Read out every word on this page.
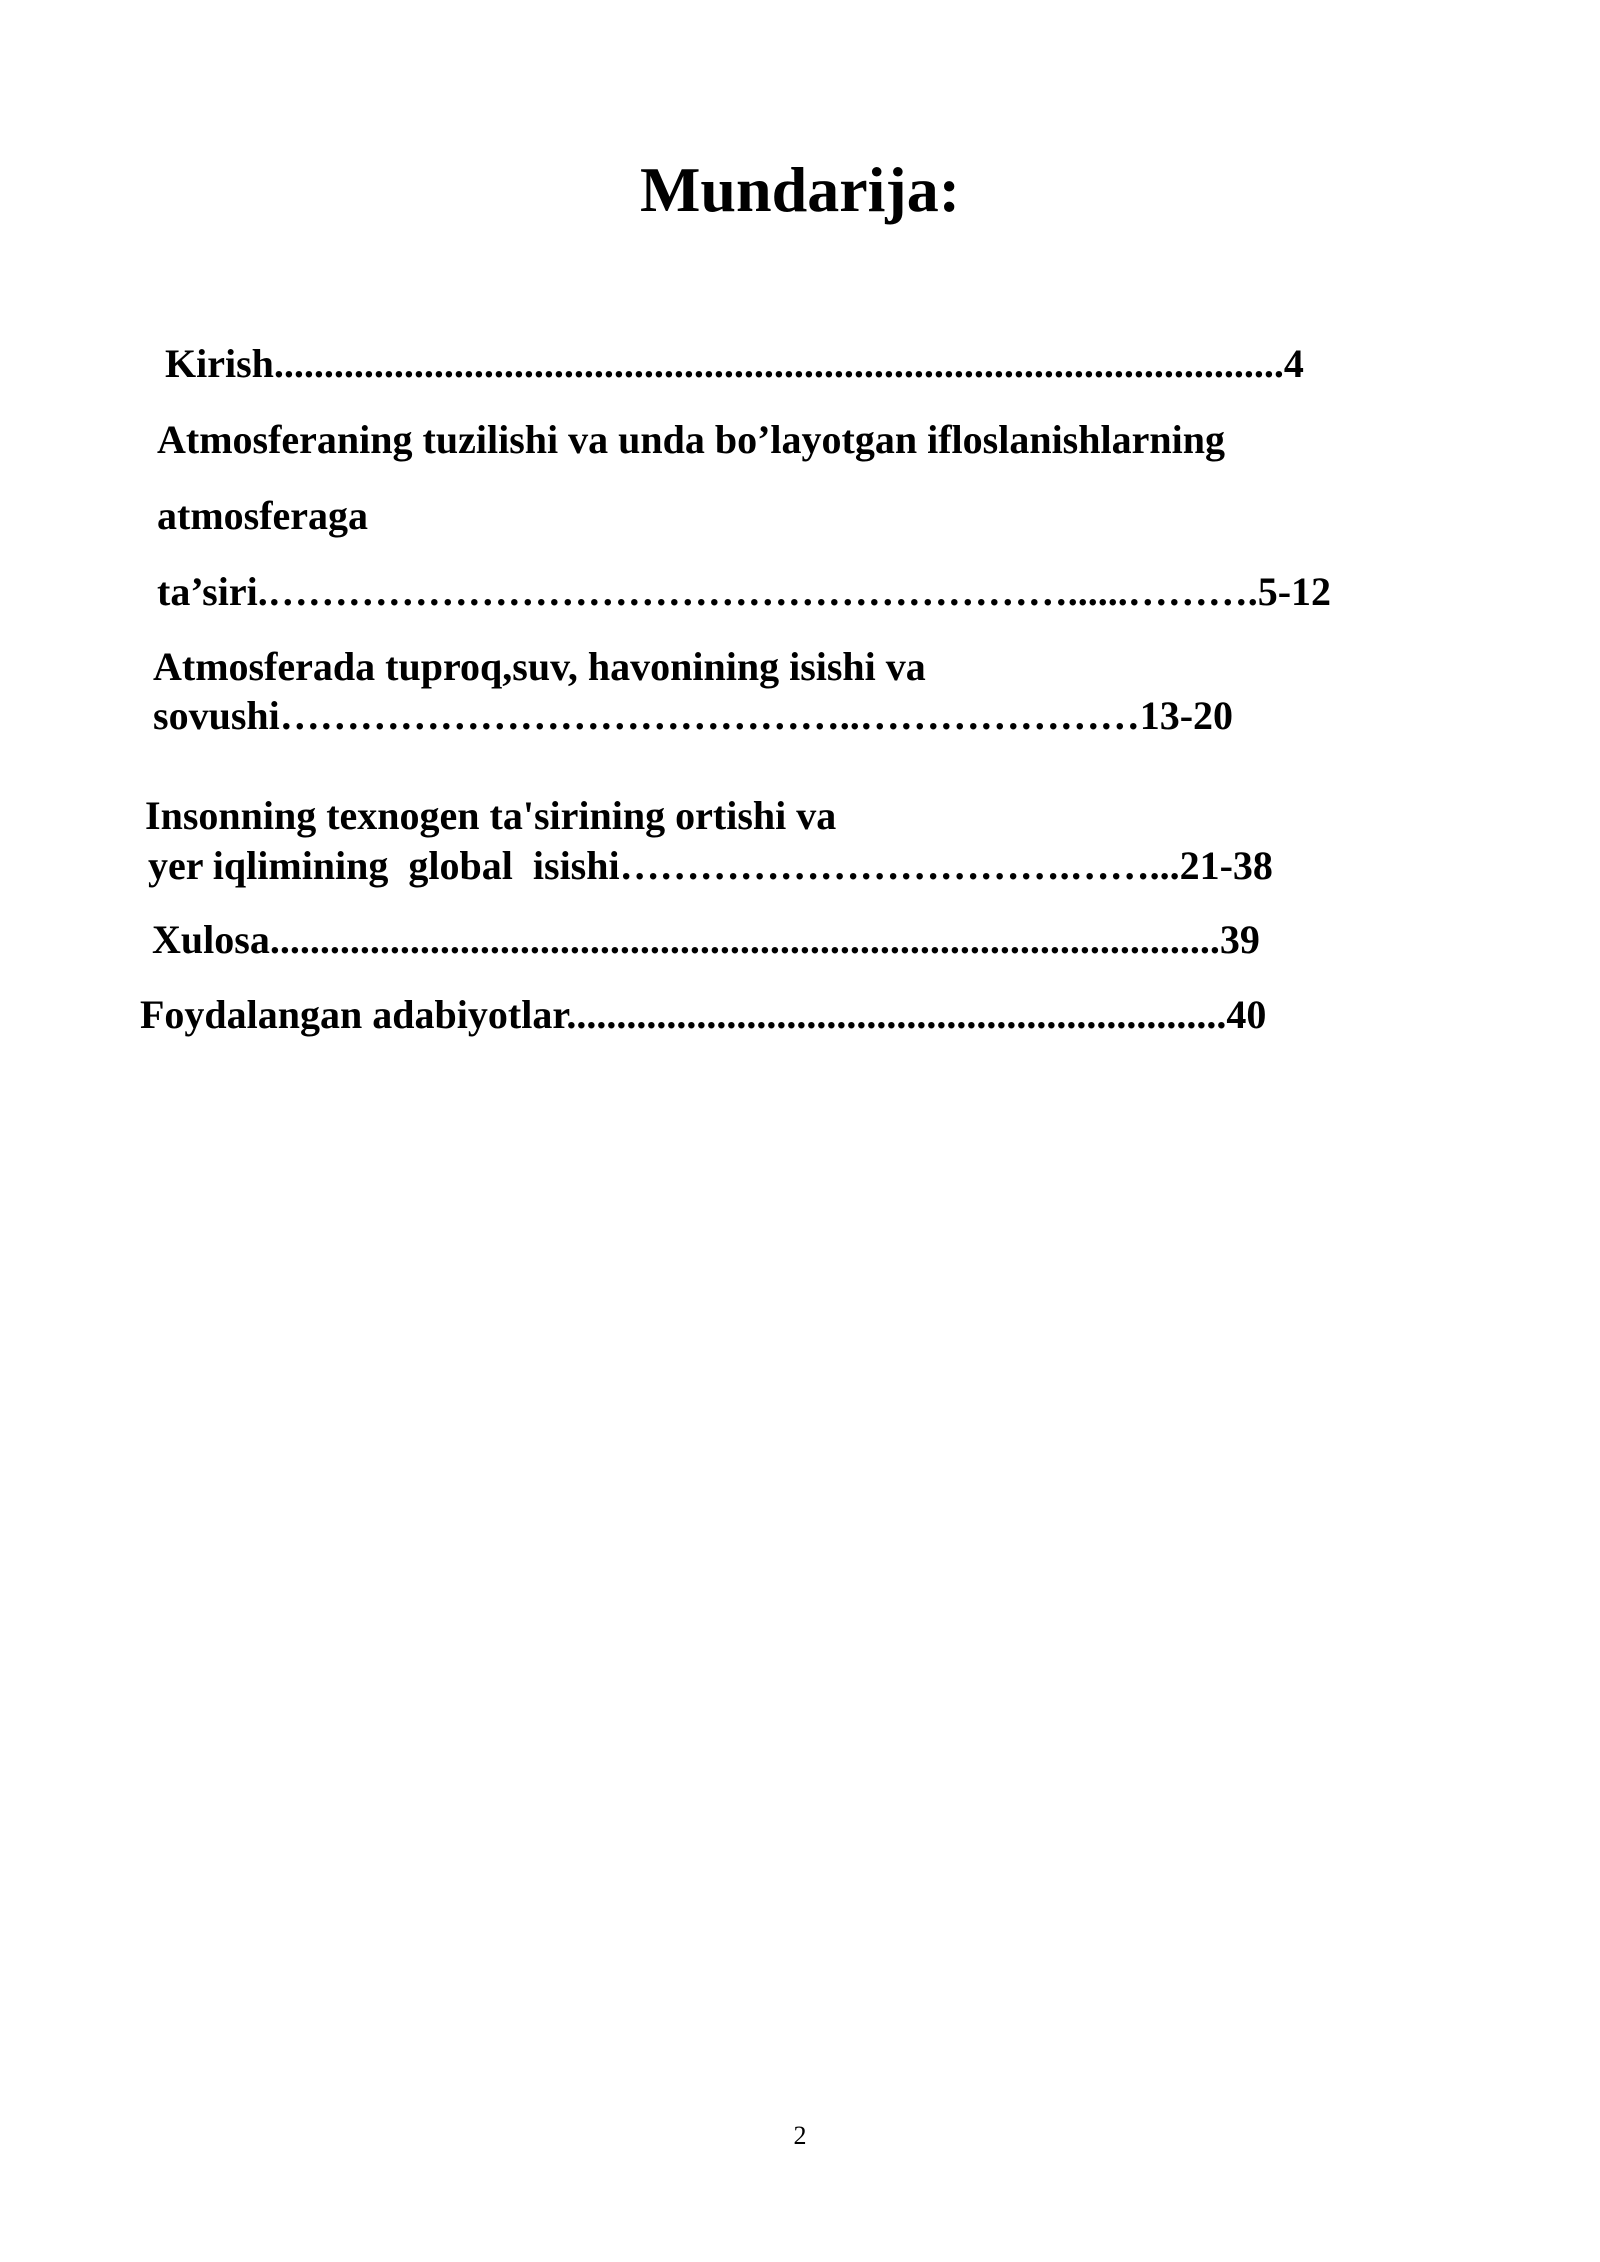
Mundarija:
Kirish.....................................................................................................4
Atmosferaning tuzilishi va unda bo’layotgan ifloslanishlarning
atmosferaga
ta’siri.……………………………………………………......……….5-12
Atmosferada tuproq,suv, havonining isishi va
sovushi……………………………………..…………………13-20
Insonning texnogen ta'sirining ortishi va
yer iqlimining  global  isishi…………………………….……...21-38
Xulosa...............................................................................................39
Foydalangan adabiyotlar..................................................................40
2
